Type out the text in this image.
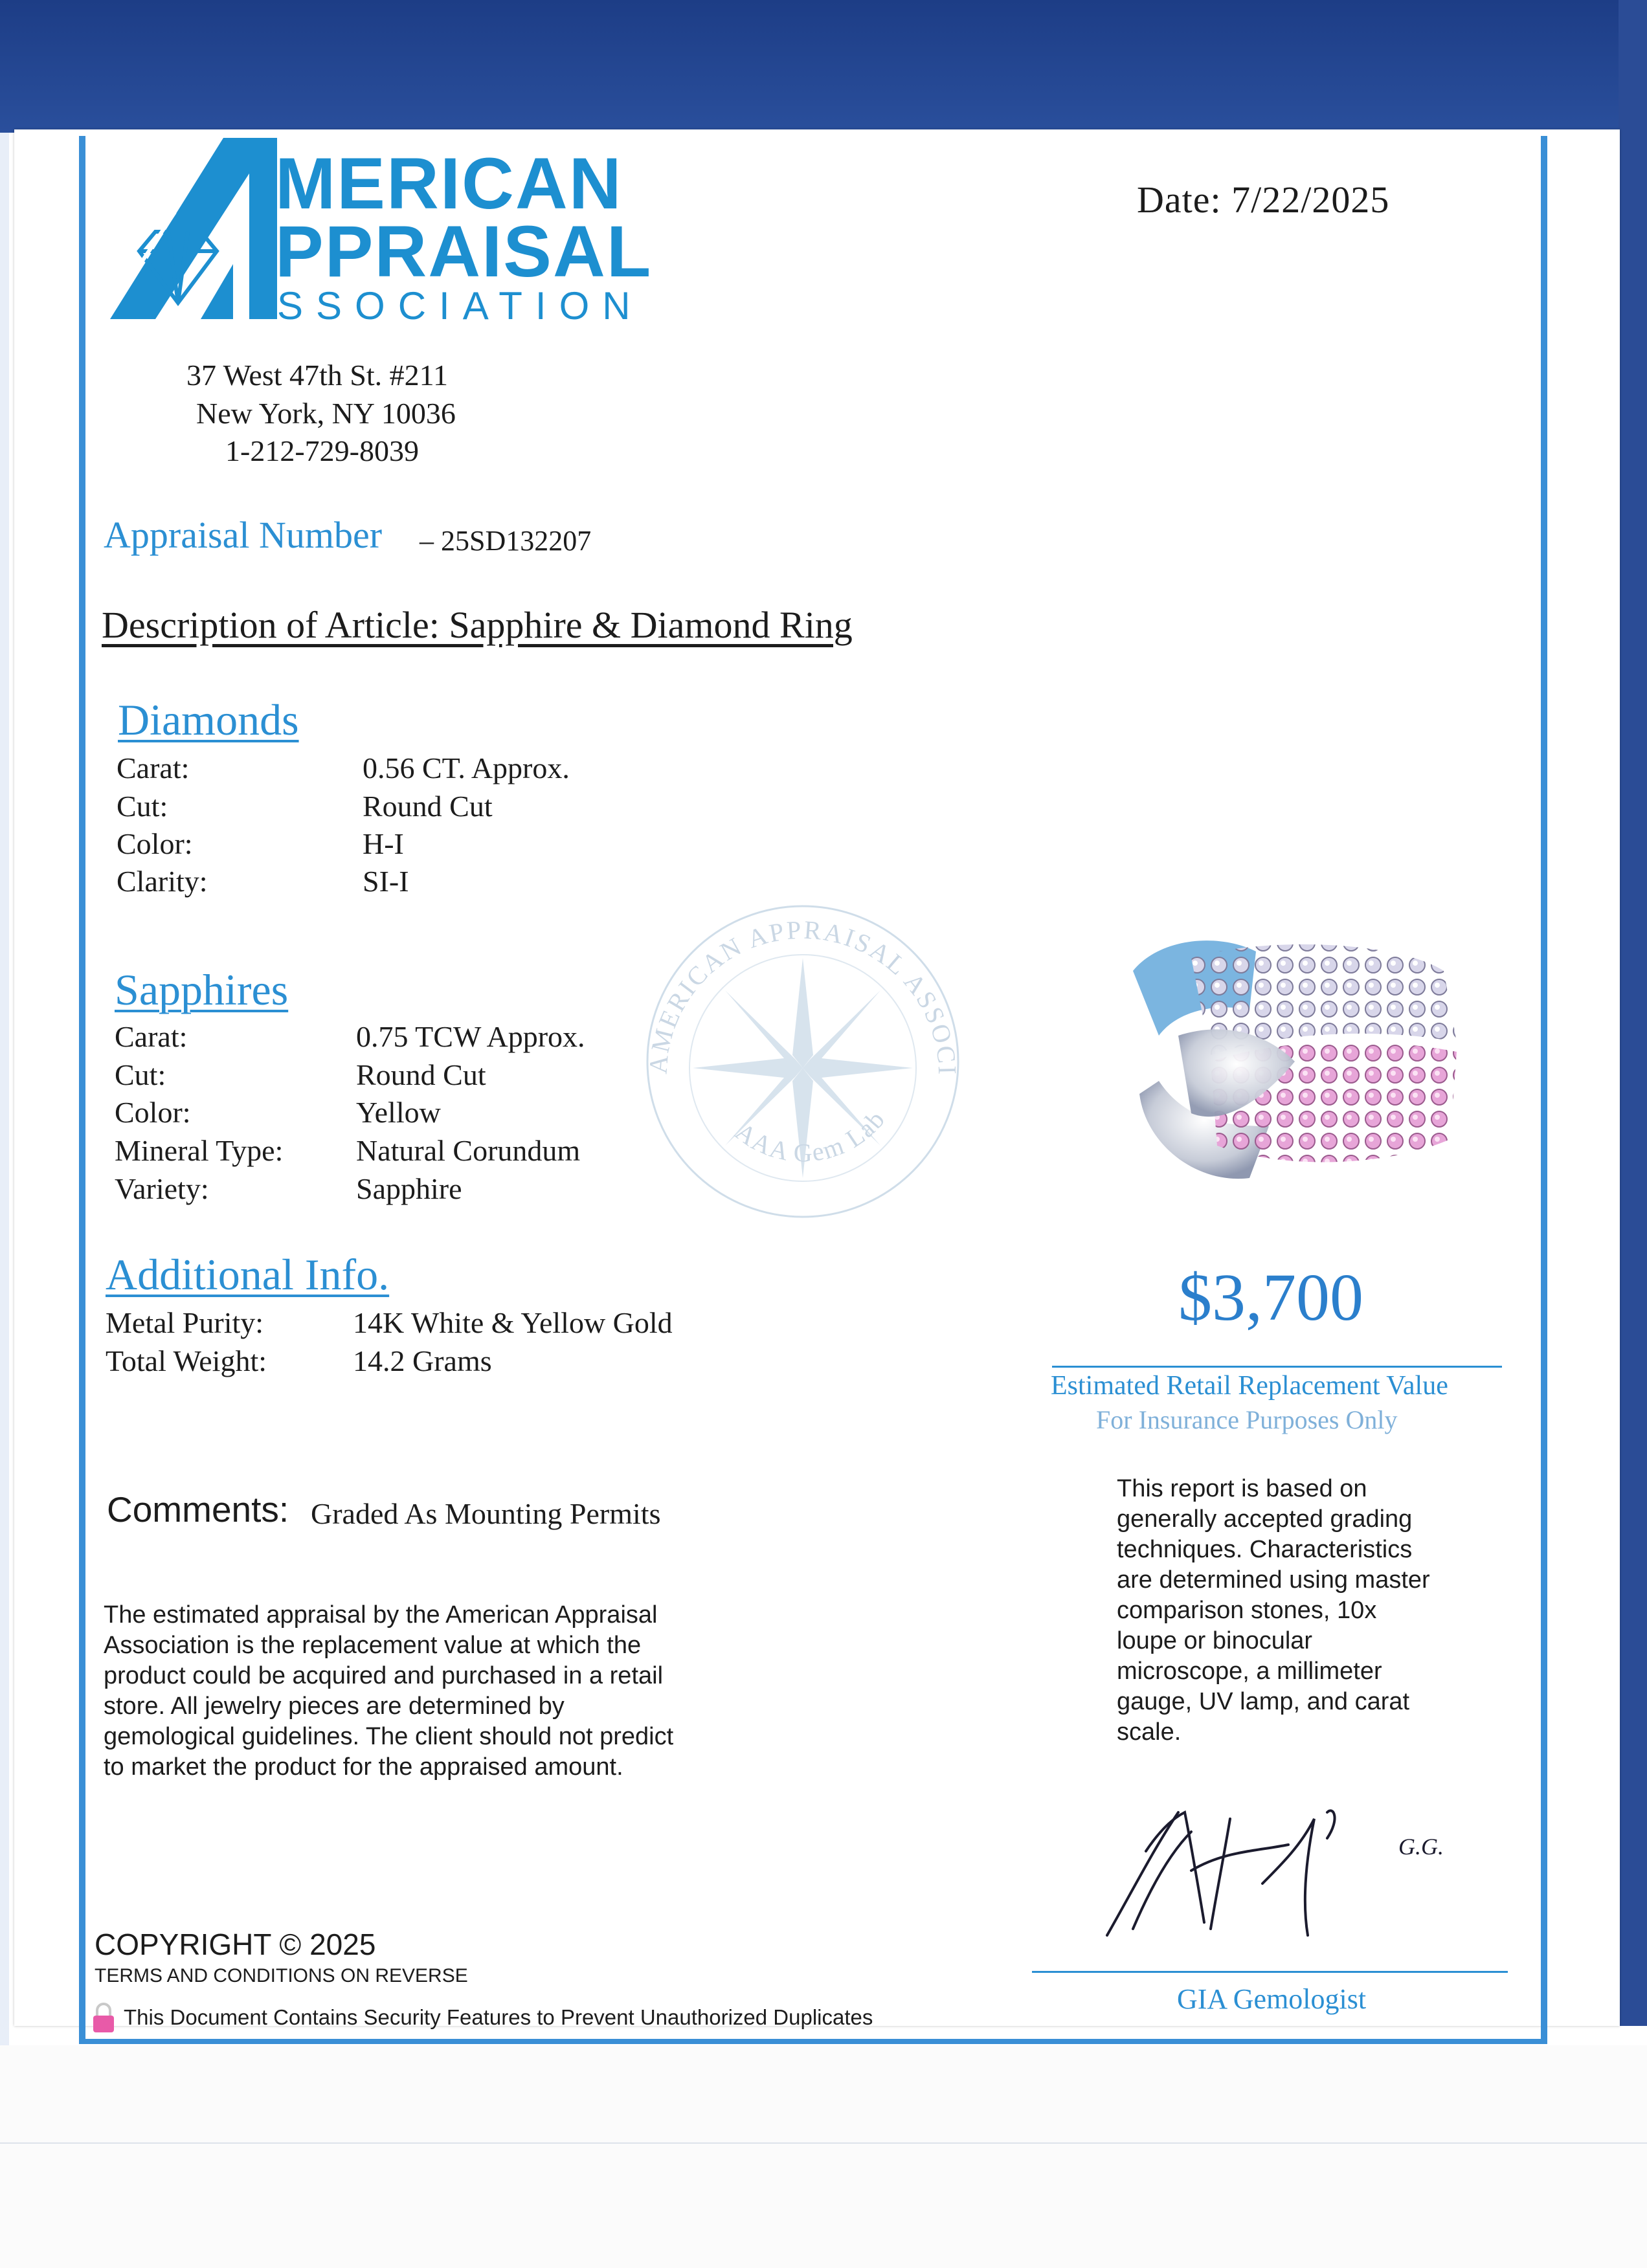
MERICAN
PPRAISAL
SSOCIATION
Date: 7/22/2025
37 West 47th St. #211
New York, NY 10036
1-212-729-8039
Appraisal Number – 25SD132207
Description of Article: Sapphire & Diamond Ring
Diamonds
Carat:	0.56 CT. Approx.
Cut:	Round Cut
Color:	H-I
Clarity:	SI-I
Sapphires
Carat:	0.75 TCW Approx.
Cut:	Round Cut
Color:	Yellow
Mineral Type: Natural Corundum
Variety:	Sapphire
Additional Info.
Metal Purity:	14K White & Yellow Gold
Total Weight:	14.2 Grams
AMERICAN APPRAISAL ASSOCI
AAA Gem Lab
$3,700
Estimated Retail Replacement Value
For Insurance Purposes Only
Comments: Graded As Mounting Permits
The estimated appraisal by the American Appraisal
Association is the replacement value at which the
product could be acquired and purchased in a retail
store. All jewelry pieces are determined by
gemological guidelines. The client should not predict
to market the product for the appraised amount.
This report is based on
generally accepted grading
techniques. Characteristics
are determined using master
comparison stones, 10x
loupe or binocular
microscope, a millimeter
gauge, UV lamp, and carat
scale.
G.G.
GIA Gemologist
COPYRIGHT © 2025
TERMS AND CONDITIONS ON REVERSE
This Document Contains Security Features to Prevent Unauthorized Duplicates
